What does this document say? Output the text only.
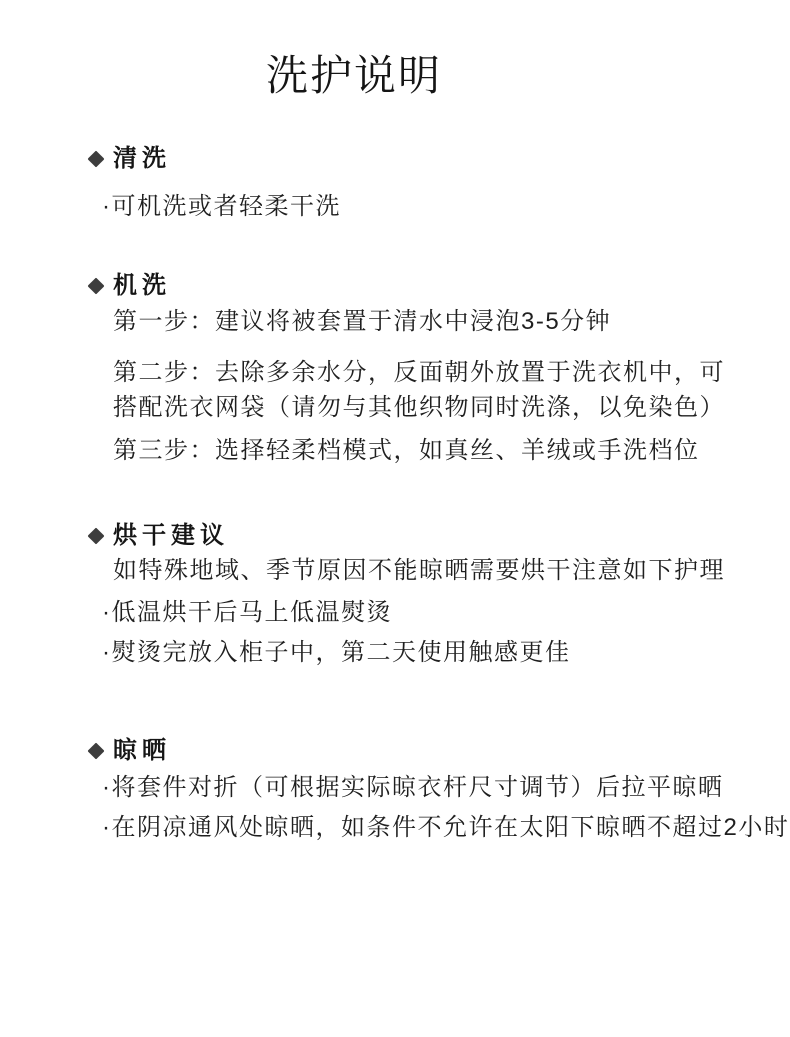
洗护说明
清洗

·可机洗或者轻柔干洗

机洗

第一步：建议将被套置于清水中浸泡3-5分钟

第二步：去除多余水分，反面朝外放置于洗衣机中，可搭配洗衣网袋（请勿与其他织物同时洗涤，以免染色）

第三步：选择轻柔档模式，如真丝、羊绒或手洗档位

烘干建议

如特殊地域、季节原因不能晾晒需要烘干注意如下护理

·低温烘干后马上低温熨烫

·熨烫完放入柜子中，第二天使用触感更佳

晾晒

·将套件对折（可根据实际晾衣杆尺寸调节）后拉平晾晒

·在阴凉通风处晾晒，如条件不允许在太阳下晾晒不超过2小时
